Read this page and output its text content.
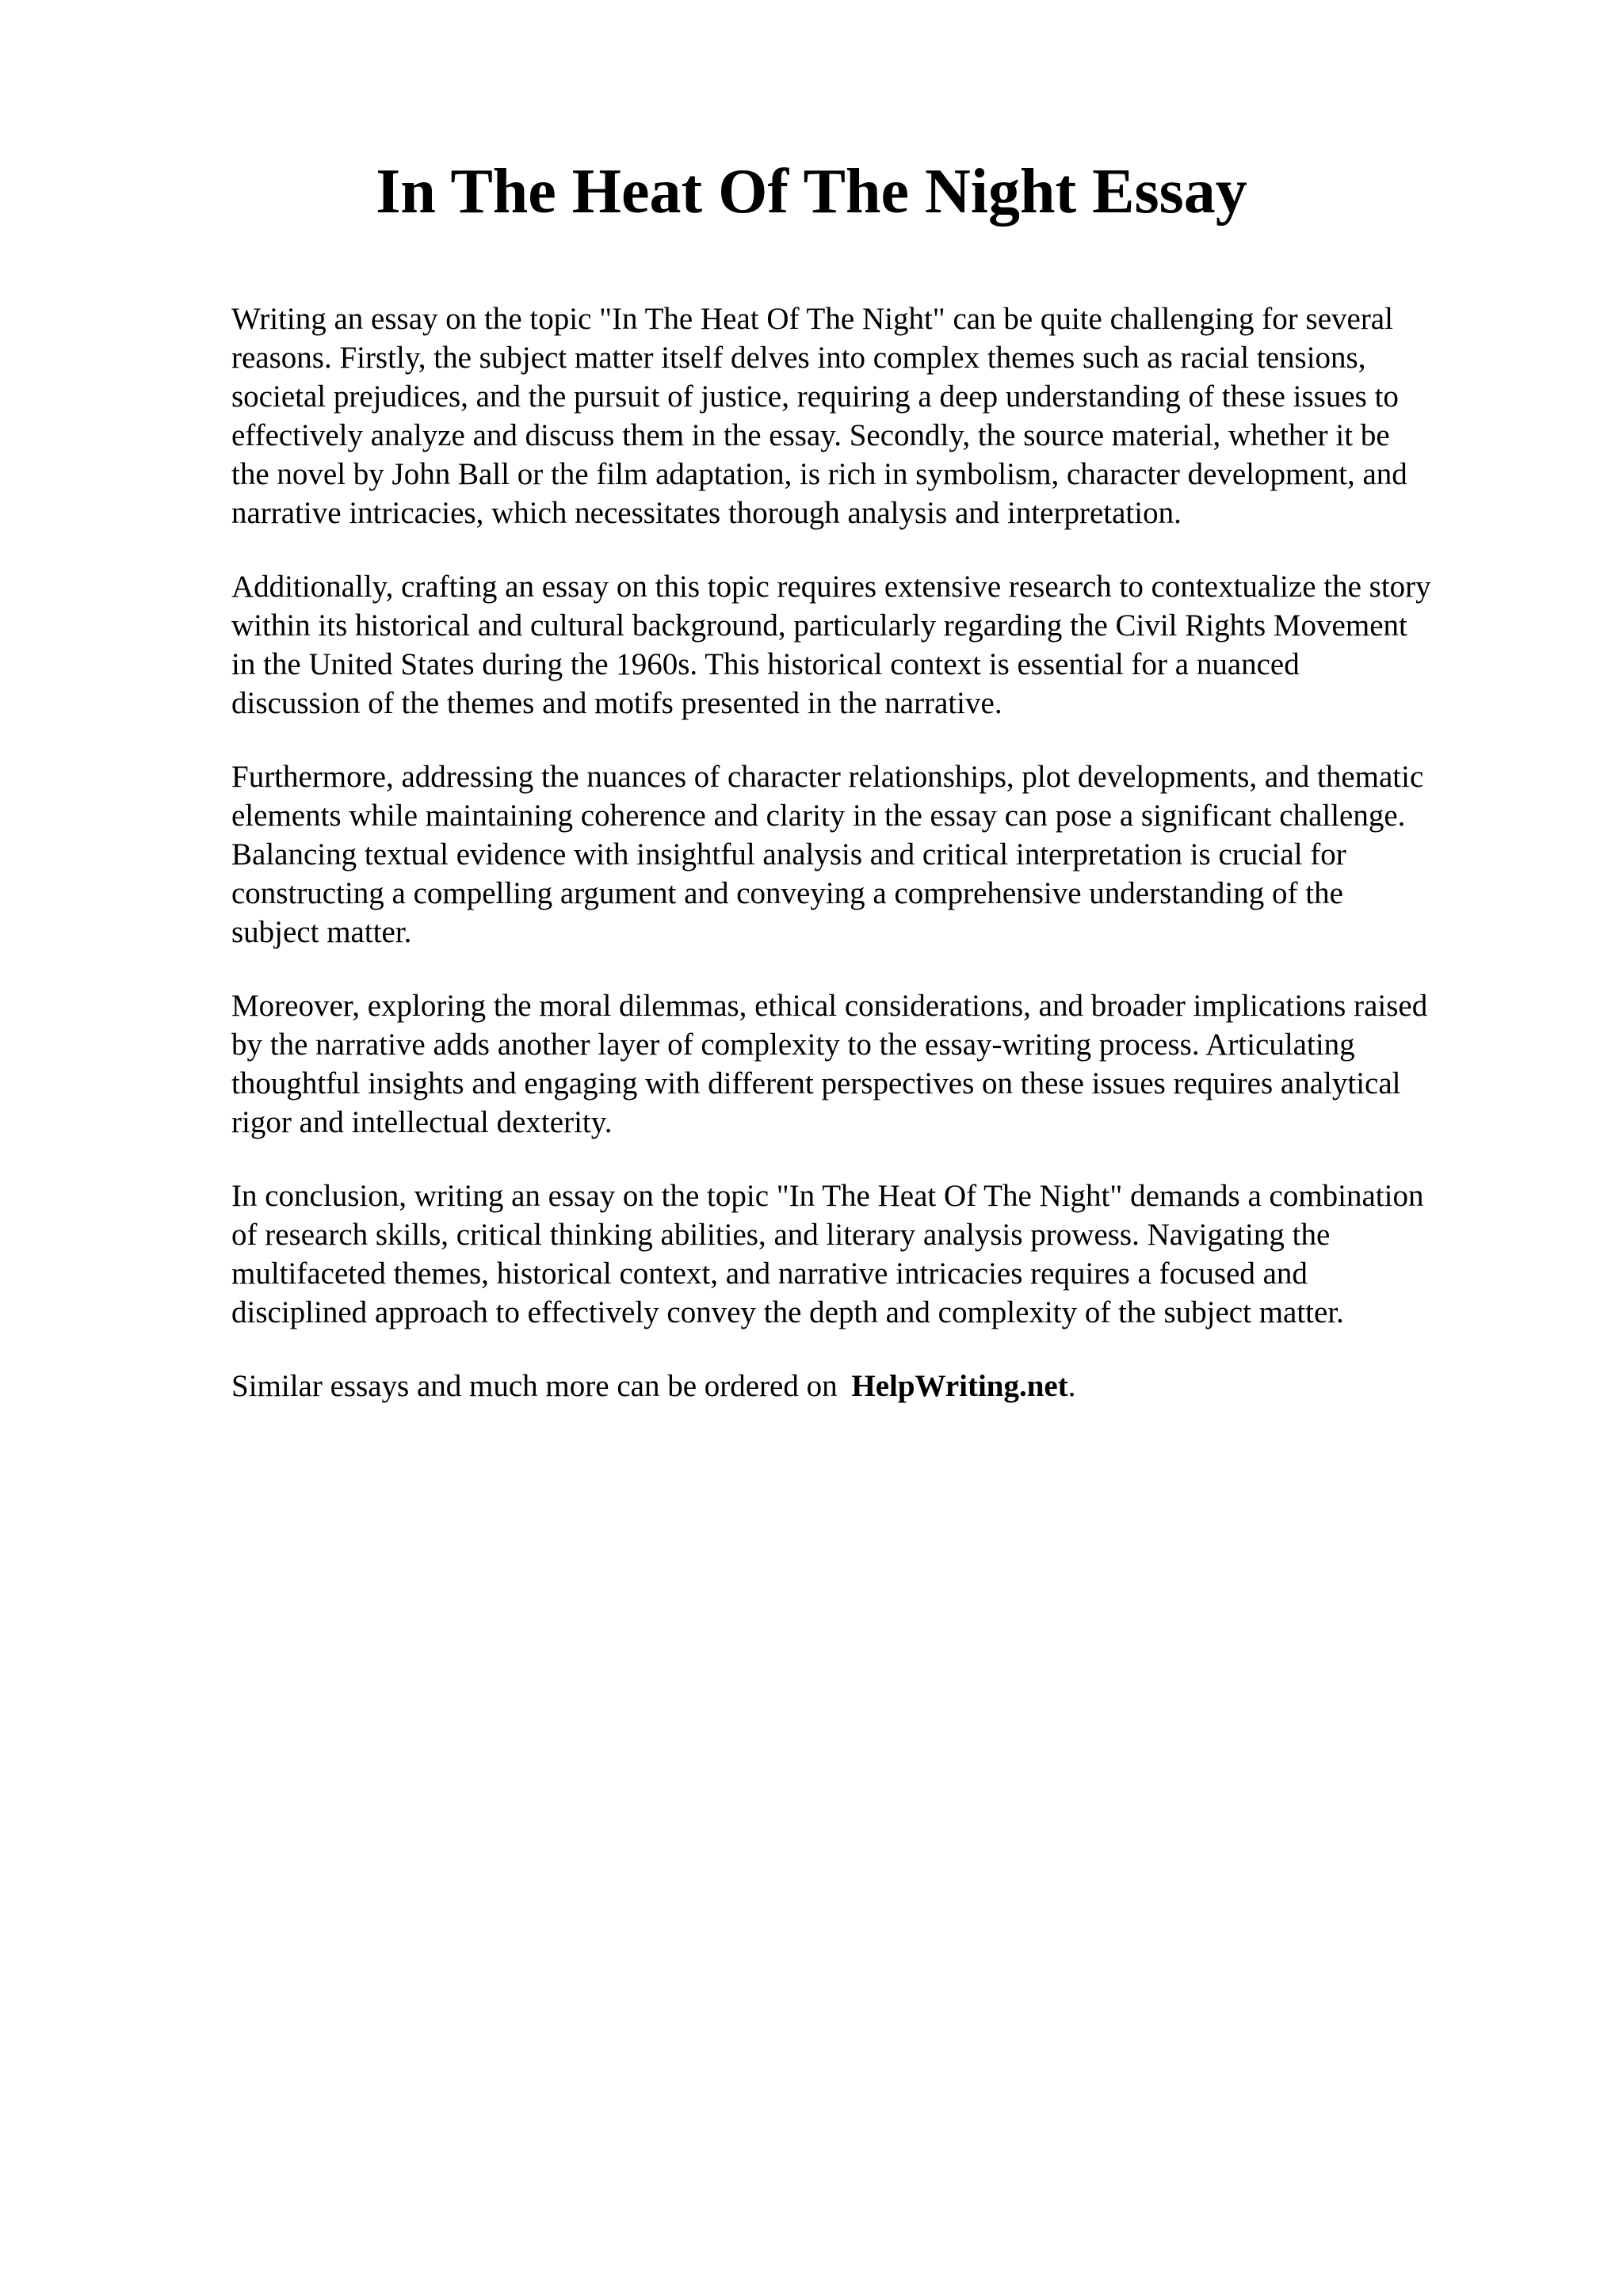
In The Heat Of The Night Essay

Writing an essay on the topic "In The Heat Of The Night" can be quite challenging for several
reasons. Firstly, the subject matter itself delves into complex themes such as racial tensions,
societal prejudices, and the pursuit of justice, requiring a deep understanding of these issues to
effectively analyze and discuss them in the essay. Secondly, the source material, whether it be
the novel by John Ball or the film adaptation, is rich in symbolism, character development, and
narrative intricacies, which necessitates thorough analysis and interpretation.

Additionally, crafting an essay on this topic requires extensive research to contextualize the story
within its historical and cultural background, particularly regarding the Civil Rights Movement
in the United States during the 1960s. This historical context is essential for a nuanced
discussion of the themes and motifs presented in the narrative.

Furthermore, addressing the nuances of character relationships, plot developments, and thematic
elements while maintaining coherence and clarity in the essay can pose a significant challenge.
Balancing textual evidence with insightful analysis and critical interpretation is crucial for
constructing a compelling argument and conveying a comprehensive understanding of the
subject matter.

Moreover, exploring the moral dilemmas, ethical considerations, and broader implications raised
by the narrative adds another layer of complexity to the essay-writing process. Articulating
thoughtful insights and engaging with different perspectives on these issues requires analytical
rigor and intellectual dexterity.

In conclusion, writing an essay on the topic "In The Heat Of The Night" demands a combination
of research skills, critical thinking abilities, and literary analysis prowess. Navigating the
multifaceted themes, historical context, and narrative intricacies requires a focused and
disciplined approach to effectively convey the depth and complexity of the subject matter.

Similar essays and much more can be ordered on HelpWriting.net.
